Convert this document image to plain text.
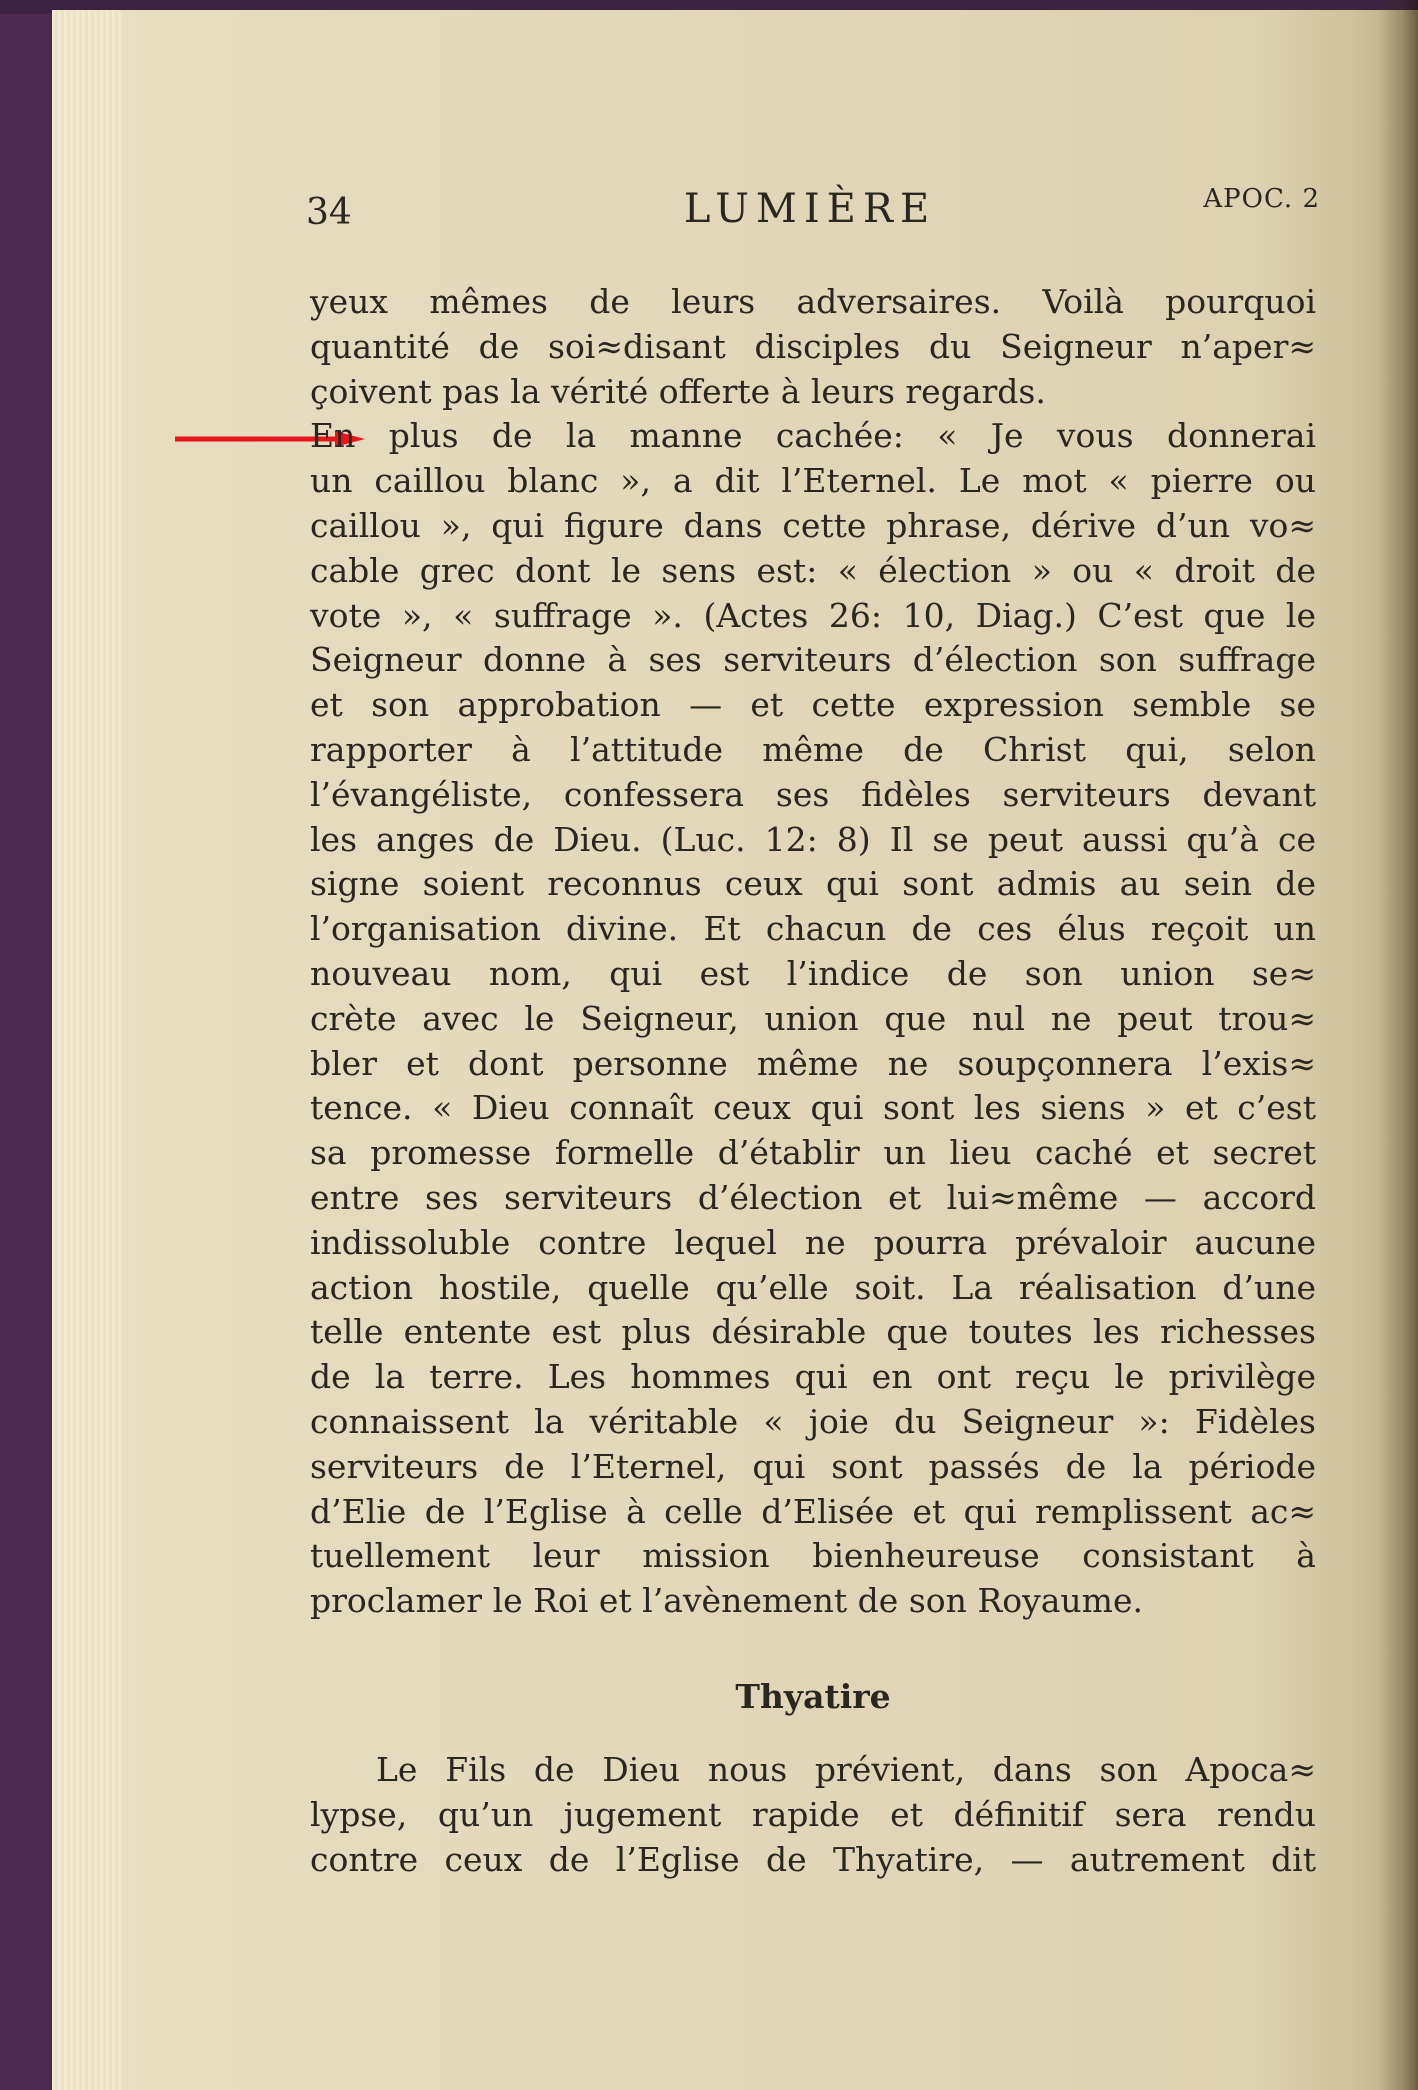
34	LUMIÈRE	APOC. 2
yeux mêmes de leurs adversaires. Voilà pourquoi
quantité de soi≈disant disciples du Seigneur n’aper≈
çoivent pas la vérité offerte à leurs regards.
En plus de la manne cachée: « Je vous donnerai
un caillou blanc », a dit l’Eternel. Le mot « pierre ou
caillou », qui figure dans cette phrase, dérive d’un vo≈
cable grec dont le sens est: « élection » ou « droit de
vote », « suffrage ». (Actes 26: 10, Diag.) C’est que le
Seigneur donne à ses serviteurs d’élection son suffrage
et son approbation — et cette expression semble se
rapporter à l’attitude même de Christ qui, selon
l’évangéliste, confessera ses fidèles serviteurs devant
les anges de Dieu. (Luc. 12: 8) Il se peut aussi qu’à ce
signe soient reconnus ceux qui sont admis au sein de
l’organisation divine. Et chacun de ces élus reçoit un
nouveau nom, qui est l’indice de son union se≈
crète avec le Seigneur, union que nul ne peut trou≈
bler et dont personne même ne soupçonnera l’exis≈
tence. « Dieu connaît ceux qui sont les siens » et c’est
sa promesse formelle d’établir un lieu caché et secret
entre ses serviteurs d’élection et lui≈même — accord
indissoluble contre lequel ne pourra prévaloir aucune
action hostile, quelle qu’elle soit. La réalisation d’une
telle entente est plus désirable que toutes les richesses
de la terre. Les hommes qui en ont reçu le privilège
connaissent la véritable « joie du Seigneur »: Fidèles
serviteurs de l’Eternel, qui sont passés de la période
d’Elie de l’Eglise à celle d’Elisée et qui remplissent ac≈
tuellement leur mission bienheureuse consistant à
proclamer le Roi et l’avènement de son Royaume.
Thyatire
Le Fils de Dieu nous prévient, dans son Apoca≈
lypse, qu’un jugement rapide et définitif sera rendu
contre ceux de l’Eglise de Thyatire, — autrement dit
